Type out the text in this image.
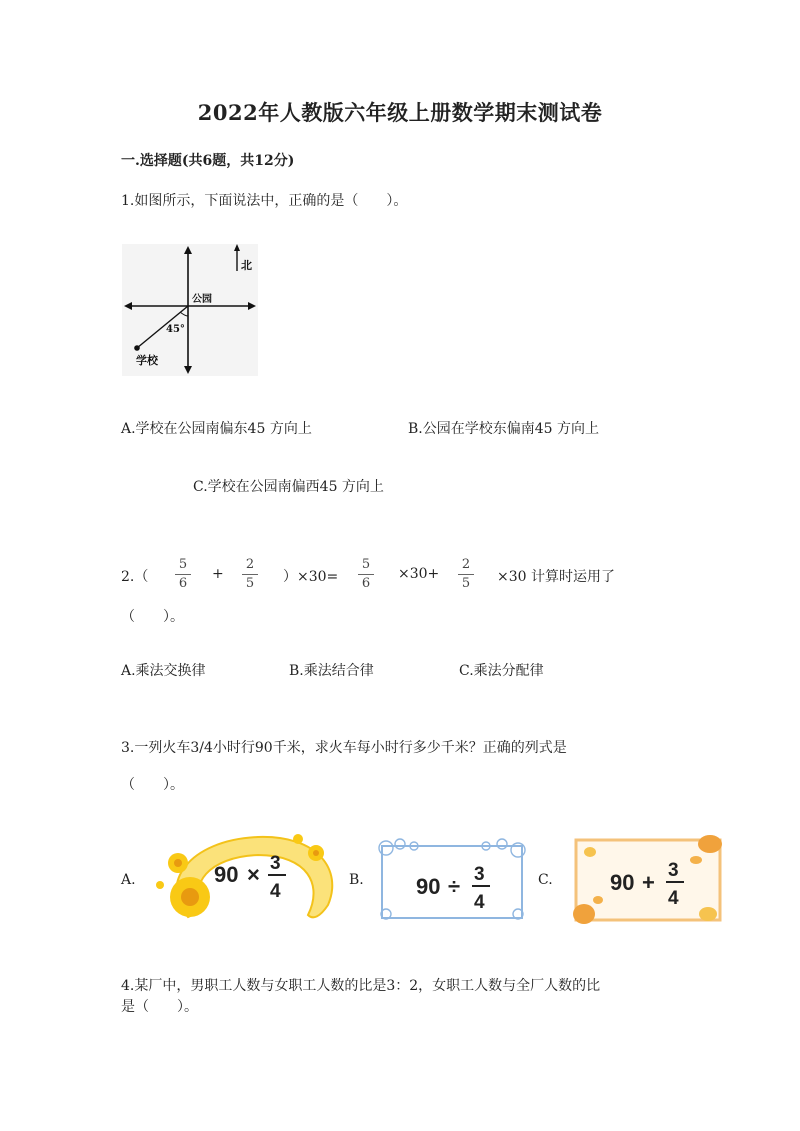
2022年人教版六年级上册数学期末测试卷
一.选择题(共6题，共12分)
1.如图所示，下面说法中，正确的是（　　）。
北
公园
45°
学校
A.学校在公园南偏东45 方向上	B.公园在学校东偏南45 方向上
C.学校在公园南偏西45 方向上
2.（
5
6
+
2
5 ）×30=
5
6
×30+
2
5 ×30 计算时运用了
（　　）。
A.乘法交换律	B.乘法结合律	C.乘法分配律
3.一列火车3/4小时行90千米，求火车每小时行多少千米？正确的列式是
（　　）。
A.	90 × 3
4
B. 90 ÷ 3
4
C.	90 + 3
4
4.某厂中，男职工人数与女职工人数的比是3：2，女职工人数与全厂人数的比
是（　　）。
